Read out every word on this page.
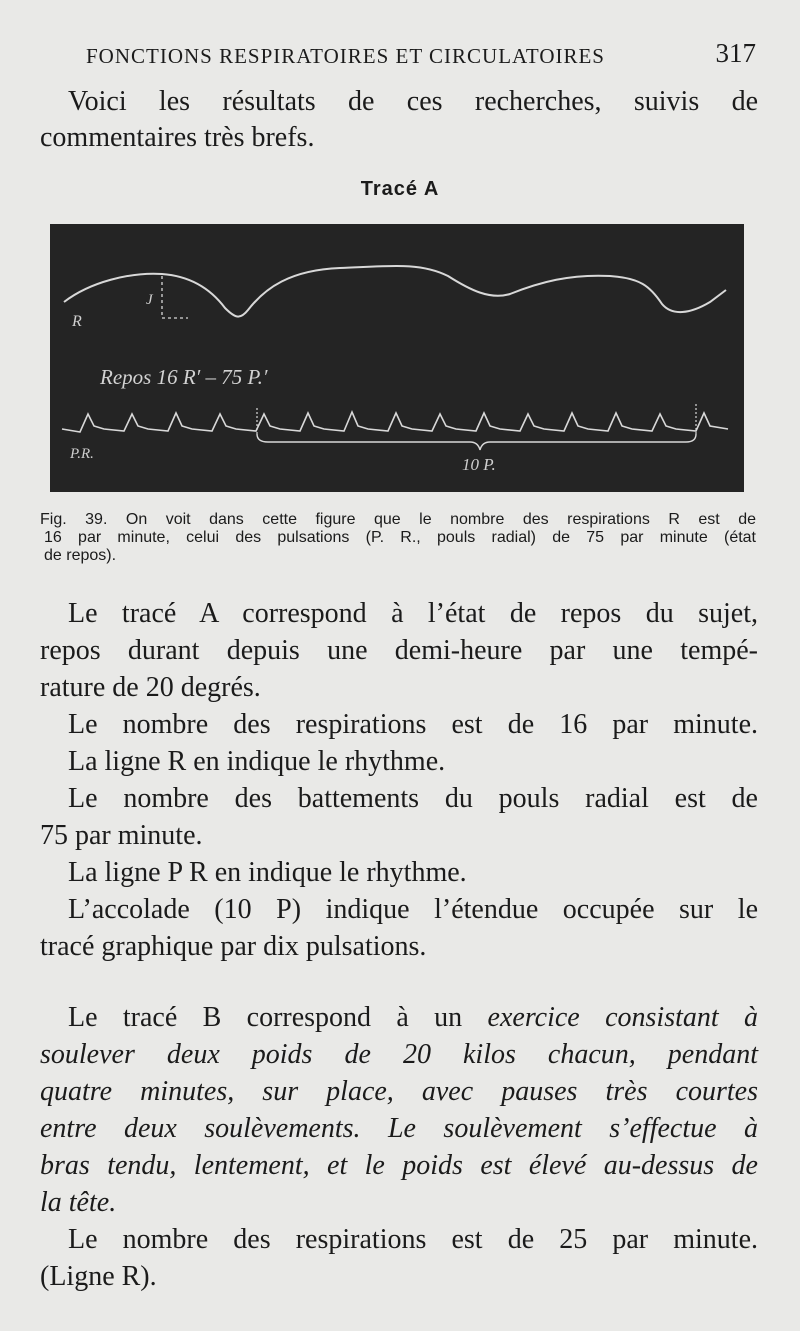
FONCTIONS RESPIRATOIRES ET CIRCULATOIRES	317

Voici les résultats de ces recherches, suivis de

commentaires très brefs.

Tracé A
R
J
Repos 16 R′ – 75 P.′
P.R.
10 P.
Fig. 39. On voit dans cette figure que le nombre des respirations R est de
16 par minute, celui des pulsations (P. R., pouls radial) de 75 par minute (état
de repos).

Le tracé A correspond à l’état de repos du sujet,

repos durant depuis une demi-heure par une tempé-

rature de 20 degrés.

Le nombre des respirations est de 16 par minute.

La ligne R en indique le rhythme.

Le nombre des battements du pouls radial est de

75 par minute.

La ligne P R en indique le rhythme.

L’accolade (10 P) indique l’étendue occupée sur le

tracé graphique par dix pulsations.

Le tracé B correspond à un exercice consistant à

soulever deux poids de 20 kilos chacun, pendant

quatre minutes, sur place, avec pauses très courtes

entre deux soulèvements. Le soulèvement s’effectue à

bras tendu, lentement, et le poids est élevé au-dessus de

la tête.

Le nombre des respirations est de 25 par minute.

(Ligne R).
